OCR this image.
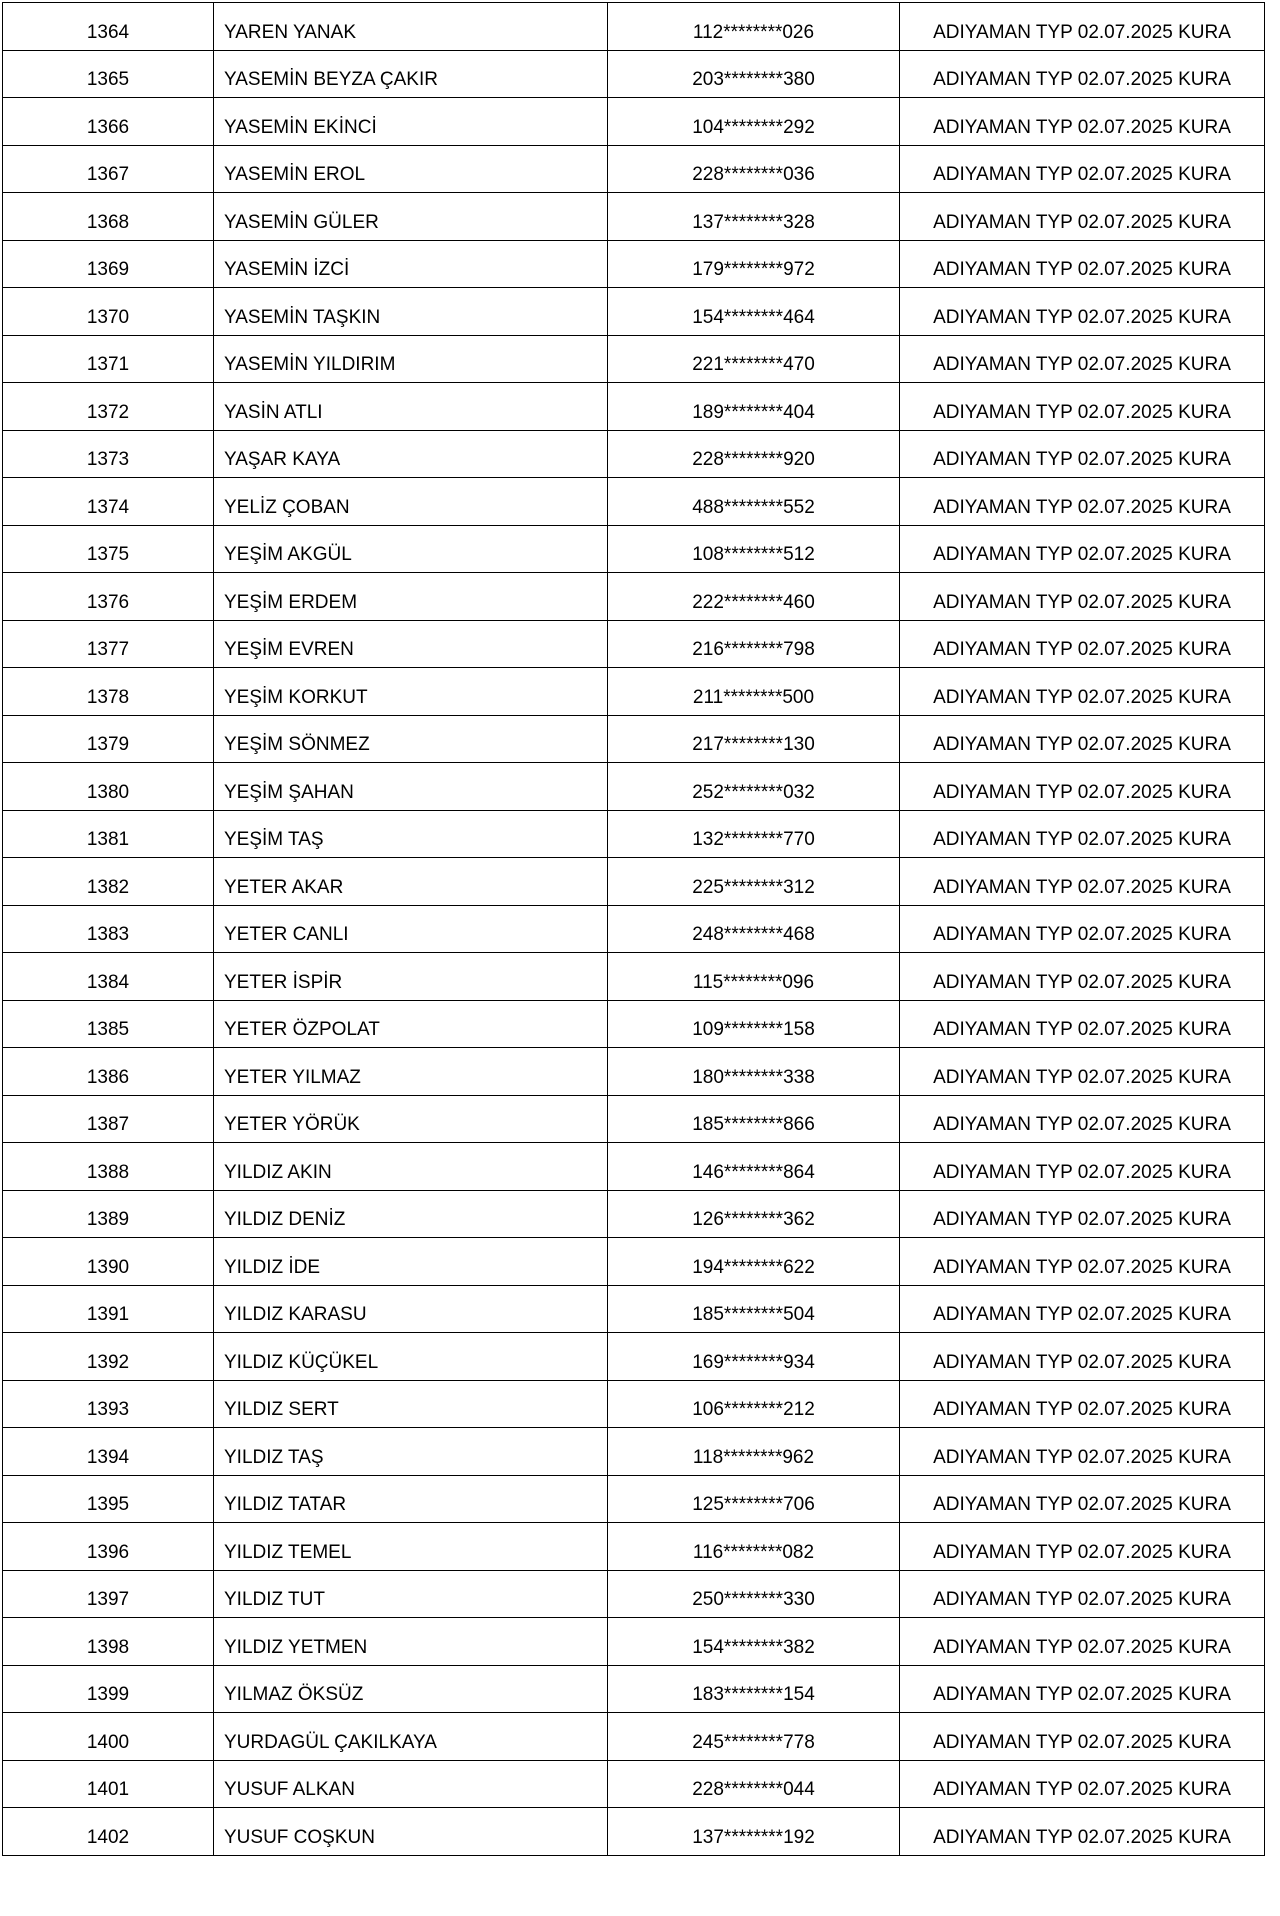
1364	YAREN YANAK	112********026	ADIYAMAN TYP 02.07.2025 KURA
1365	YASEMİN BEYZA ÇAKIR	203********380	ADIYAMAN TYP 02.07.2025 KURA
1366	YASEMİN EKİNCİ	104********292	ADIYAMAN TYP 02.07.2025 KURA
1367	YASEMİN EROL	228********036	ADIYAMAN TYP 02.07.2025 KURA
1368	YASEMİN GÜLER	137********328	ADIYAMAN TYP 02.07.2025 KURA
1369	YASEMİN İZCİ	179********972	ADIYAMAN TYP 02.07.2025 KURA
1370	YASEMİN TAŞKIN	154********464	ADIYAMAN TYP 02.07.2025 KURA
1371	YASEMİN YILDIRIM	221********470	ADIYAMAN TYP 02.07.2025 KURA
1372	YASİN ATLI	189********404	ADIYAMAN TYP 02.07.2025 KURA
1373	YAŞAR KAYA	228********920	ADIYAMAN TYP 02.07.2025 KURA
1374	YELİZ ÇOBAN	488********552	ADIYAMAN TYP 02.07.2025 KURA
1375	YEŞİM AKGÜL	108********512	ADIYAMAN TYP 02.07.2025 KURA
1376	YEŞİM ERDEM	222********460	ADIYAMAN TYP 02.07.2025 KURA
1377	YEŞİM EVREN	216********798	ADIYAMAN TYP 02.07.2025 KURA
1378	YEŞİM KORKUT	211********500	ADIYAMAN TYP 02.07.2025 KURA
1379	YEŞİM SÖNMEZ	217********130	ADIYAMAN TYP 02.07.2025 KURA
1380	YEŞİM ŞAHAN	252********032	ADIYAMAN TYP 02.07.2025 KURA
1381	YEŞİM TAŞ	132********770	ADIYAMAN TYP 02.07.2025 KURA
1382	YETER AKAR	225********312	ADIYAMAN TYP 02.07.2025 KURA
1383	YETER CANLI	248********468	ADIYAMAN TYP 02.07.2025 KURA
1384	YETER İSPİR	115********096	ADIYAMAN TYP 02.07.2025 KURA
1385	YETER ÖZPOLAT	109********158	ADIYAMAN TYP 02.07.2025 KURA
1386	YETER YILMAZ	180********338	ADIYAMAN TYP 02.07.2025 KURA
1387	YETER YÖRÜK	185********866	ADIYAMAN TYP 02.07.2025 KURA
1388	YILDIZ AKIN	146********864	ADIYAMAN TYP 02.07.2025 KURA
1389	YILDIZ DENİZ	126********362	ADIYAMAN TYP 02.07.2025 KURA
1390	YILDIZ İDE	194********622	ADIYAMAN TYP 02.07.2025 KURA
1391	YILDIZ KARASU	185********504	ADIYAMAN TYP 02.07.2025 KURA
1392	YILDIZ KÜÇÜKEL	169********934	ADIYAMAN TYP 02.07.2025 KURA
1393	YILDIZ SERT	106********212	ADIYAMAN TYP 02.07.2025 KURA
1394	YILDIZ TAŞ	118********962	ADIYAMAN TYP 02.07.2025 KURA
1395	YILDIZ TATAR	125********706	ADIYAMAN TYP 02.07.2025 KURA
1396	YILDIZ TEMEL	116********082	ADIYAMAN TYP 02.07.2025 KURA
1397	YILDIZ TUT	250********330	ADIYAMAN TYP 02.07.2025 KURA
1398	YILDIZ YETMEN	154********382	ADIYAMAN TYP 02.07.2025 KURA
1399	YILMAZ ÖKSÜZ	183********154	ADIYAMAN TYP 02.07.2025 KURA
1400	YURDAGÜL ÇAKILKAYA	245********778	ADIYAMAN TYP 02.07.2025 KURA
1401	YUSUF ALKAN	228********044	ADIYAMAN TYP 02.07.2025 KURA
1402	YUSUF COŞKUN	137********192	ADIYAMAN TYP 02.07.2025 KURA
